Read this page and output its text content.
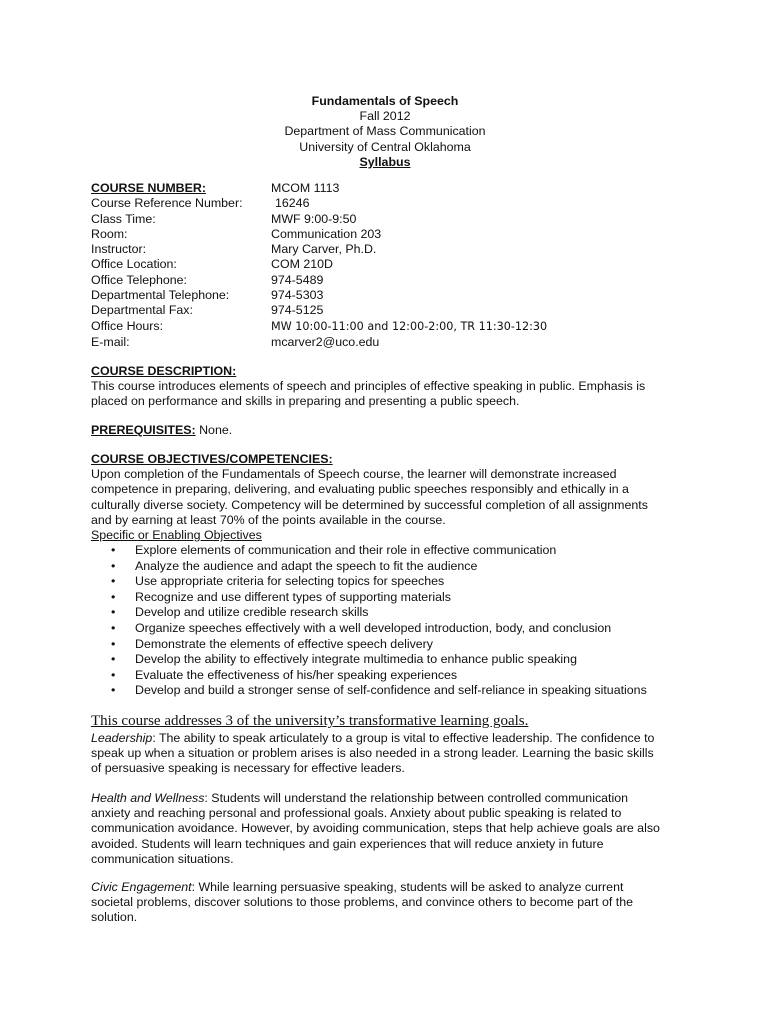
Fundamentals of Speech
Fall 2012
Department of Mass Communication
University of Central Oklahoma
Syllabus
COURSE NUMBER:	MCOM 1113
Course Reference Number:	16246
Class Time:	MWF 9:00-9:50
Room:	Communication 203
Instructor:	Mary Carver, Ph.D.
Office Location:	COM 210D
Office Telephone:	974-5489
Departmental Telephone:	974-5303
Departmental Fax:	974-5125
Office Hours:	MW 10:00-11:00 and 12:00-2:00, TR 11:30-12:30
E-mail:	mcarver2@uco.edu
COURSE DESCRIPTION:
This course introduces elements of speech and principles of effective speaking in public. Emphasis is
placed on performance and skills in preparing and presenting a public speech.
PREREQUISITES: None.
COURSE OBJECTIVES/COMPETENCIES:
Upon completion of the Fundamentals of Speech course, the learner will demonstrate increased
competence in preparing, delivering, and evaluating public speeches responsibly and ethically in a
culturally diverse society. Competency will be determined by successful completion of all assignments
and by earning at least 70% of the points available in the course.
Specific or Enabling Objectives
• Explore elements of communication and their role in effective communication
• Analyze the audience and adapt the speech to fit the audience
• Use appropriate criteria for selecting topics for speeches
• Recognize and use different types of supporting materials
• Develop and utilize credible research skills
• Organize speeches effectively with a well developed introduction, body, and conclusion
• Demonstrate the elements of effective speech delivery
• Develop the ability to effectively integrate multimedia to enhance public speaking
• Evaluate the effectiveness of his/her speaking experiences
• Develop and build a stronger sense of self-confidence and self-reliance in speaking situations
This course addresses 3 of the university’s transformative learning goals.
Leadership: The ability to speak articulately to a group is vital to effective leadership. The confidence to
speak up when a situation or problem arises is also needed in a strong leader. Learning the basic skills
of persuasive speaking is necessary for effective leaders.
Health and Wellness: Students will understand the relationship between controlled communication
anxiety and reaching personal and professional goals. Anxiety about public speaking is related to
communication avoidance. However, by avoiding communication, steps that help achieve goals are also
avoided. Students will learn techniques and gain experiences that will reduce anxiety in future
communication situations.
Civic Engagement: While learning persuasive speaking, students will be asked to analyze current
societal problems, discover solutions to those problems, and convince others to become part of the
solution.
